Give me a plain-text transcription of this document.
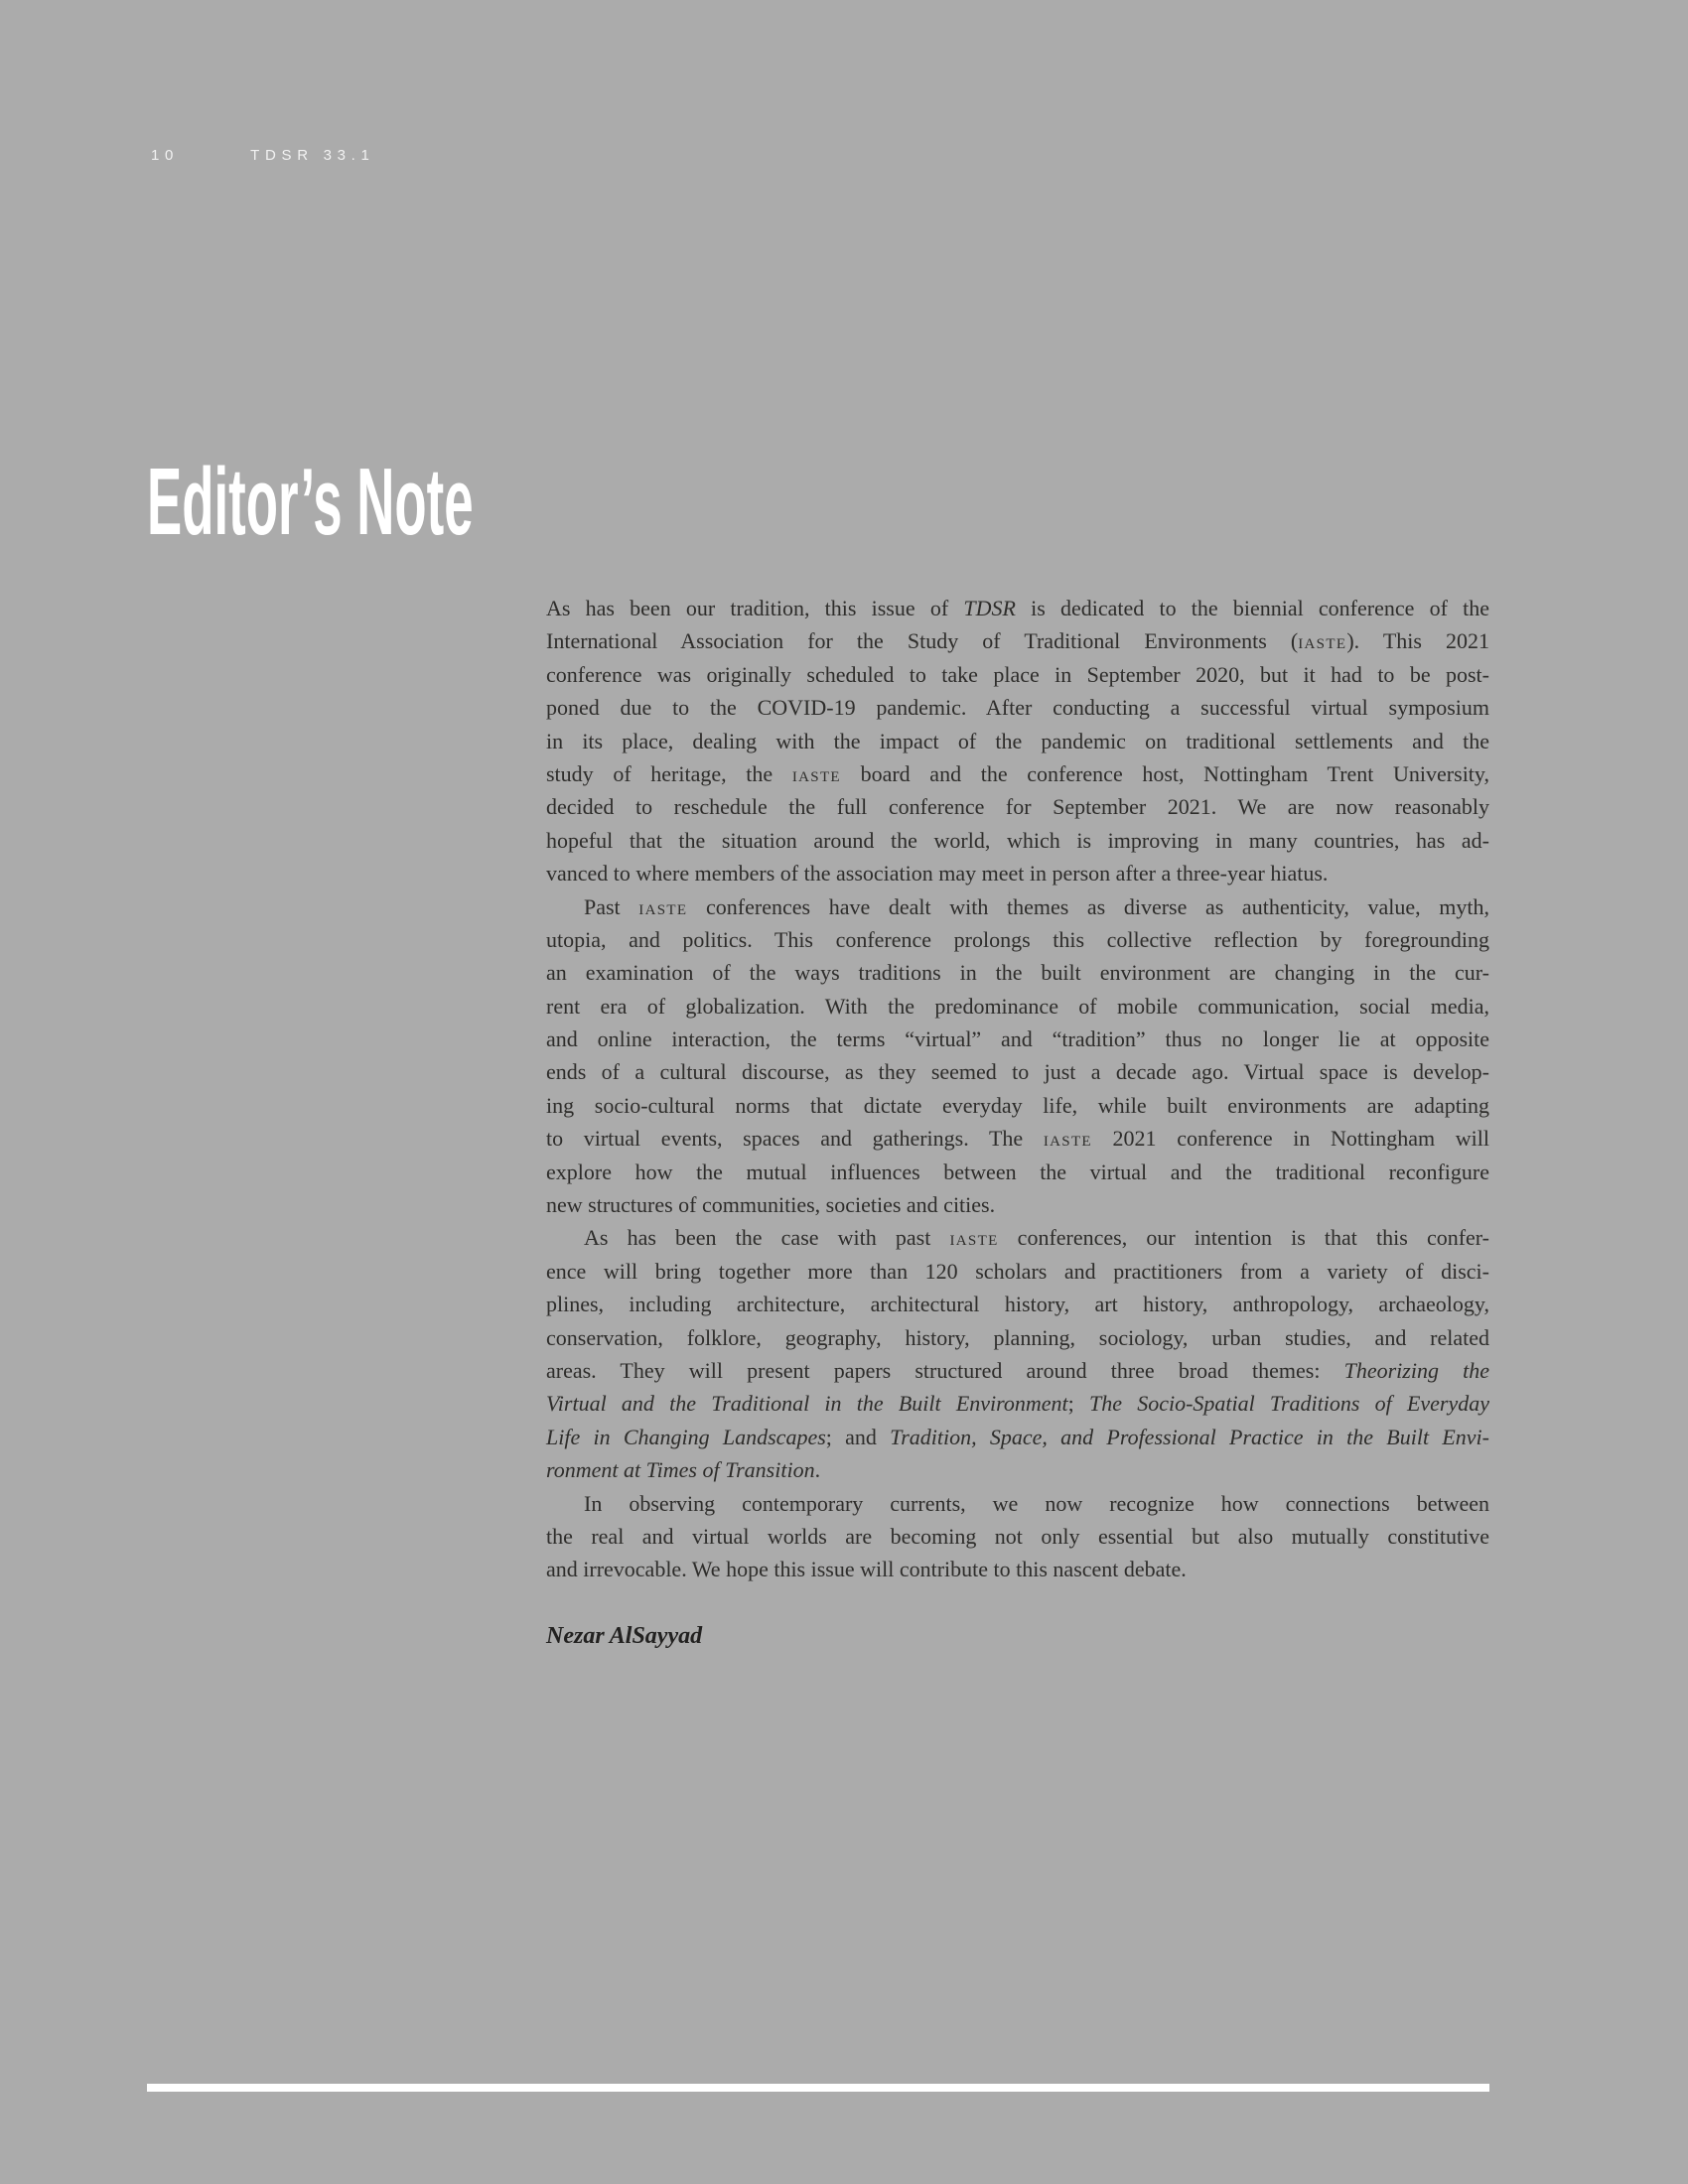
10	TDSR 33.1
Editor’s Note
As has been our tradition, this issue of TDSR is dedicated to the biennial conference of the
International Association for the Study of Traditional Environments (iaste). This 2021
conference was originally scheduled to take place in September 2020, but it had to be post-
poned due to the COVID-19 pandemic. After conducting a successful virtual symposium
in its place, dealing with the impact of the pandemic on traditional settlements and the
study of heritage, the iaste board and the conference host, Nottingham Trent University,
decided to reschedule the full conference for September 2021. We are now reasonably
hopeful that the situation around the world, which is improving in many countries, has ad-
vanced to where members of the association may meet in person after a three-year hiatus.
Past iaste conferences have dealt with themes as diverse as authenticity, value, myth,
utopia, and politics. This conference prolongs this collective reflection by foregrounding
an examination of the ways traditions in the built environment are changing in the cur-
rent era of globalization. With the predominance of mobile communication, social media,
and online interaction, the terms “virtual” and “tradition” thus no longer lie at opposite
ends of a cultural discourse, as they seemed to just a decade ago. Virtual space is develop-
ing socio-cultural norms that dictate everyday life, while built environments are adapting
to virtual events, spaces and gatherings. The iaste 2021 conference in Nottingham will
explore how the mutual influences between the virtual and the traditional reconfigure
new structures of communities, societies and cities.
As has been the case with past iaste conferences, our intention is that this confer-
ence will bring together more than 120 scholars and practitioners from a variety of disci-
plines, including architecture, architectural history, art history, anthropology, archaeology,
conservation, folklore, geography, history, planning, sociology, urban studies, and related
areas. They will present papers structured around three broad themes: Theorizing the
Virtual and the Traditional in the Built Environment; The Socio-Spatial Traditions of Everyday
Life in Changing Landscapes; and Tradition, Space, and Professional Practice in the Built Envi-
ronment at Times of Transition.
In observing contemporary currents, we now recognize how connections between
the real and virtual worlds are becoming not only essential but also mutually constitutive
and irrevocable. We hope this issue will contribute to this nascent debate.
Nezar AlSayyad
